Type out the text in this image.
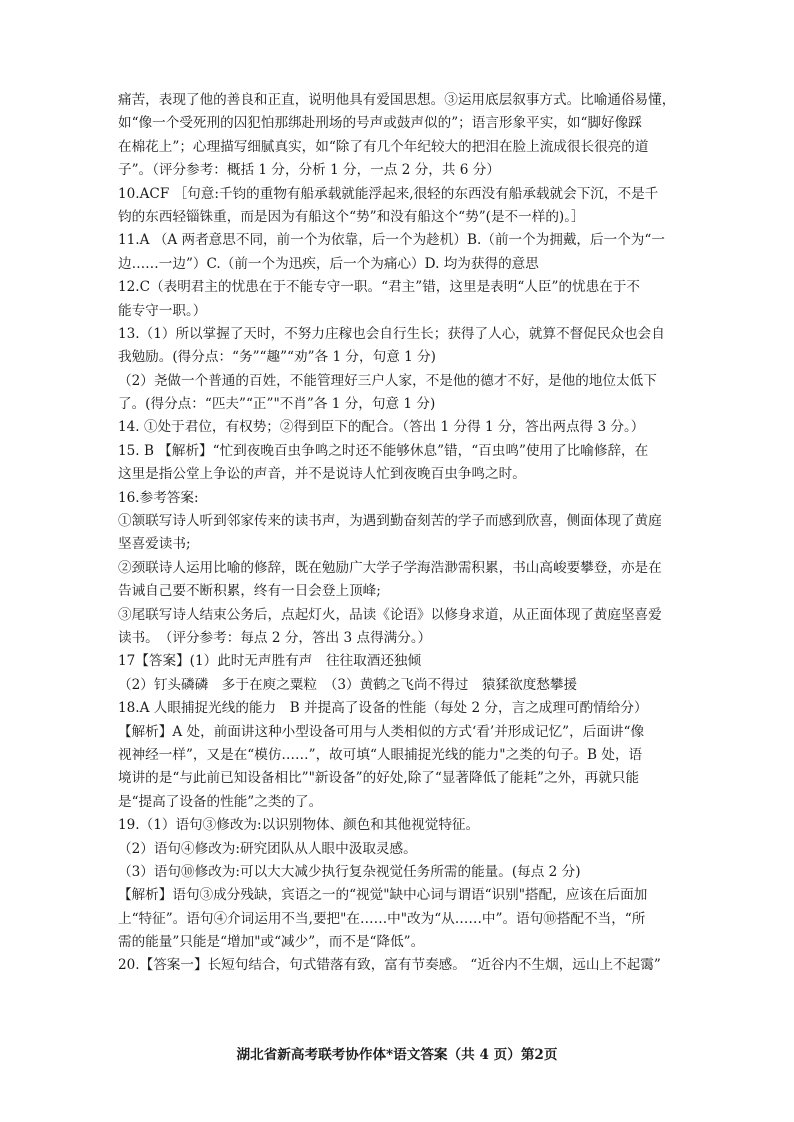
痛苦，表现了他的善良和正直，说明他具有爱国思想。③运用底层叙事方式。比喻通俗易懂，
如“像一个受死刑的囚犯怕那绑赴刑场的号声或鼓声似的”；语言形象平实，如“脚好像踩
在棉花上”；心理描写细腻真实，如“除了有几个年纪较大的把泪在脸上流成很长很亮的道
子”。（评分参考：概括 1 分，分析 1 分，一点 2 分，共 6 分）
10.ACF ［句意:千钧的重物有船承载就能浮起来,很轻的东西没有船承载就会下沉，不是千
钧的东西轻锱铢重，而是因为有船这个“势”和没有船这个“势”(是不一样的)。］
11.A （A 两者意思不同，前一个为依靠，后一个为趁机）B.（前一个为拥戴，后一个为“一
边……一边”）C.（前一个为迅疾，后一个为痛心）D. 均为获得的意思
12.C（表明君主的忧患在于不能专守一职。“君主”错，这里是表明“人臣”的忧患在于不
能专守一职。）
13.（1）所以掌握了天时，不努力庄稼也会自行生长；获得了人心，就算不督促民众也会自
我勉励。(得分点：“务”“趣”“劝”各 1 分，句意 1 分)
（2）尧做一个普通的百姓，不能管理好三户人家，不是他的德才不好，是他的地位太低下
了。(得分点：“匹夫”“正”"不肖”各 1 分，句意 1 分)
14. ①处于君位，有权势；②得到臣下的配合。（答出 1 分得 1 分，答出两点得 3 分。）
15. B 【解析】“忙到夜晚百虫争鸣之时还不能够休息”错，“百虫鸣”使用了比喻修辞，在
这里是指公堂上争讼的声音，并不是说诗人忙到夜晚百虫争鸣之时。
16.参考答案:
①颔联写诗人听到邻家传来的读书声，为遇到勤奋刻苦的学子而感到欣喜，侧面体现了黄庭
坚喜爱读书;
②颈联诗人运用比喻的修辞，既在勉励广大学子学海浩渺需积累，书山高峻要攀登，亦是在
告诫自己要不断积累，终有一日会登上顶峰;
③尾联写诗人结束公务后，点起灯火，品读《论语》以修身求道，从正面体现了黄庭坚喜爱
读书。　（评分参考：每点 2 分，答出 3 点得满分。）
17【答案】(1）此时无声胜有声　往往取酒还独倾
（2）钉头磷磷　多于在庾之粟粒　（3）黄鹤之飞尚不得过　猿猱欲度愁攀援
18.A 人眼捕捉光线的能力　B 并提高了设备的性能（每处 2 分，言之成理可酌情给分）
【解析】A 处，前面讲这种小型设备可用与人类相似的方式‘看’并形成记忆”，后面讲“像
视神经一样”，又是在“模仿……”，故可填“人眼捕捉光线的能力"之类的句子。B 处，语
境讲的是“与此前已知设备相比”"新设备”的好处,除了“显著降低了能耗”之外，再就只能
是“提高了设备的性能”之类的了。
19.（1）语句③修改为:以识别物体、颜色和其他视觉特征。
（2）语句④修改为:研究团队从人眼中汲取灵感。
（3）语句⑩修改为:可以大大减少执行复杂视觉任务所需的能量。(每点 2 分)
【解析】语句③成分残缺，宾语之一的“视觉"缺中心词与谓语“识别"搭配，应该在后面加
上“特征”。语句④介词运用不当,要把"在……中"改为“从……中”。语句⑩搭配不当，“所
需的能量”只能是“增加"或“减少”，而不是“降低”。
20.【答案一】长短句结合，句式错落有致，富有节奏感。 “近谷内不生烟，远山上不起霭”
湖北省新高考联考协作体*语文答案（共 4 页）第2页
